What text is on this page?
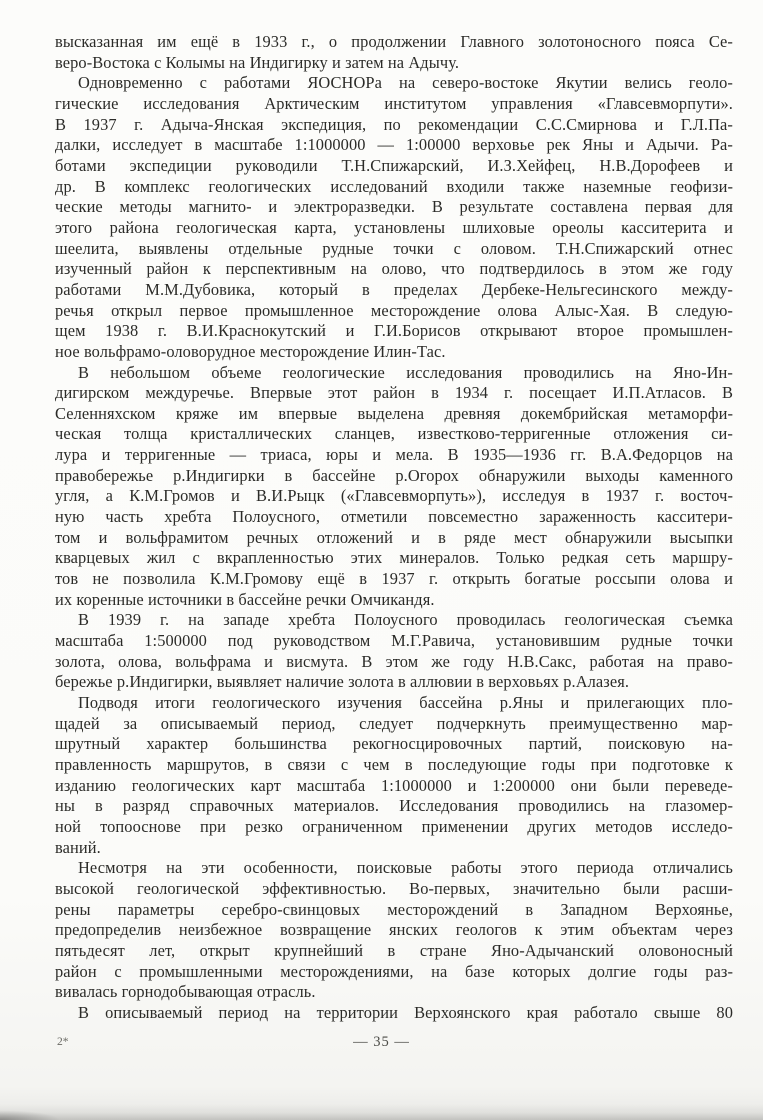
высказанная им ещё в 1933 г., о продолжении Главного золотоносного пояса Се-
веро-Востока с Колымы на Индигирку и затем на Адычу.
Одновременно с работами ЯОСНОРа на северо-востоке Якутии велись геоло-
гические исследования Арктическим институтом управления «Главсевморпути».
В 1937 г. Адыча-Янская экспедиция, по рекомендации С.С.Смирнова и Г.Л.Па-
далки, исследует в масштабе 1:1000000 — 1:00000 верховье рек Яны и Адычи. Ра-
ботами экспедиции руководили Т.Н.Спижарский, И.З.Хейфец, Н.В.Дорофеев и
др. В комплекс геологических исследований входили также наземные геофизи-
ческие методы магнито- и электроразведки. В результате составлена первая для
этого района геологическая карта, установлены шлиховые ореолы касситерита и
шеелита, выявлены отдельные рудные точки с оловом. Т.Н.Спижарский отнес
изученный район к перспективным на олово, что подтвердилось в этом же году
работами М.М.Дубовика, который в пределах Дербеке-Нельгесинского между-
речья открыл первое промышленное месторождение олова Алыс-Хая. В следую-
щем 1938 г. В.И.Краснокутский и Г.И.Борисов открывают второе промышлен-
ное вольфрамо-оловорудное месторождение Илин-Тас.
В небольшом объеме геологические исследования проводились на Яно-Ин-
дигирском междуречье. Впервые этот район в 1934 г. посещает И.П.Атласов. В
Селенняхском кряже им впервые выделена древняя докембрийская метаморфи-
ческая толща кристаллических сланцев, известково-терригенные отложения си-
лура и терригенные — триаса, юры и мела. В 1935—1936 гг. В.А.Федорцов на
правобережье р.Индигирки в бассейне р.Огорох обнаружили выходы каменного
угля, а К.М.Громов и В.И.Рыцк («Главсевморпуть»), исследуя в 1937 г. восточ-
ную часть хребта Полоусного, отметили повсеместно зараженность касситери-
том и вольфрамитом речных отложений и в ряде мест обнаружили высыпки
кварцевых жил с вкрапленностью этих минералов. Только редкая сеть маршру-
тов не позволила К.М.Громову ещё в 1937 г. открыть богатые россыпи олова и
их коренные источники в бассейне речки Омчикандя.
В 1939 г. на западе хребта Полоусного проводилась геологическая съемка
масштаба 1:500000 под руководством М.Г.Равича, установившим рудные точки
золота, олова, вольфрама и висмута. В этом же году Н.В.Сакс, работая на право-
бережье р.Индигирки, выявляет наличие золота в аллювии в верховьях р.Алазея.
Подводя итоги геологического изучения бассейна р.Яны и прилегающих пло-
щадей за описываемый период, следует подчеркнуть преимущественно мар-
шрутный характер большинства рекогносцировочных партий, поисковую на-
правленность маршрутов, в связи с чем в последующие годы при подготовке к
изданию геологических карт масштаба 1:1000000 и 1:200000 они были переведе-
ны в разряд справочных материалов. Исследования проводились на глазомер-
ной топооснове при резко ограниченном применении других методов исследо-
ваний.
Несмотря на эти особенности, поисковые работы этого периода отличались
высокой геологической эффективностью. Во-первых, значительно были расши-
рены параметры серебро-свинцовых месторождений в Западном Верхоянье,
предопределив неизбежное возвращение янских геологов к этим объектам через
пятьдесят лет, открыт крупнейший в стране Яно-Адычанский оловоносный
район с промышленными месторождениями, на базе которых долгие годы раз-
вивалась горнодобывающая отрасль.
В описываемый период на территории Верхоянского края работало свыше 80
2*	— 35 —
